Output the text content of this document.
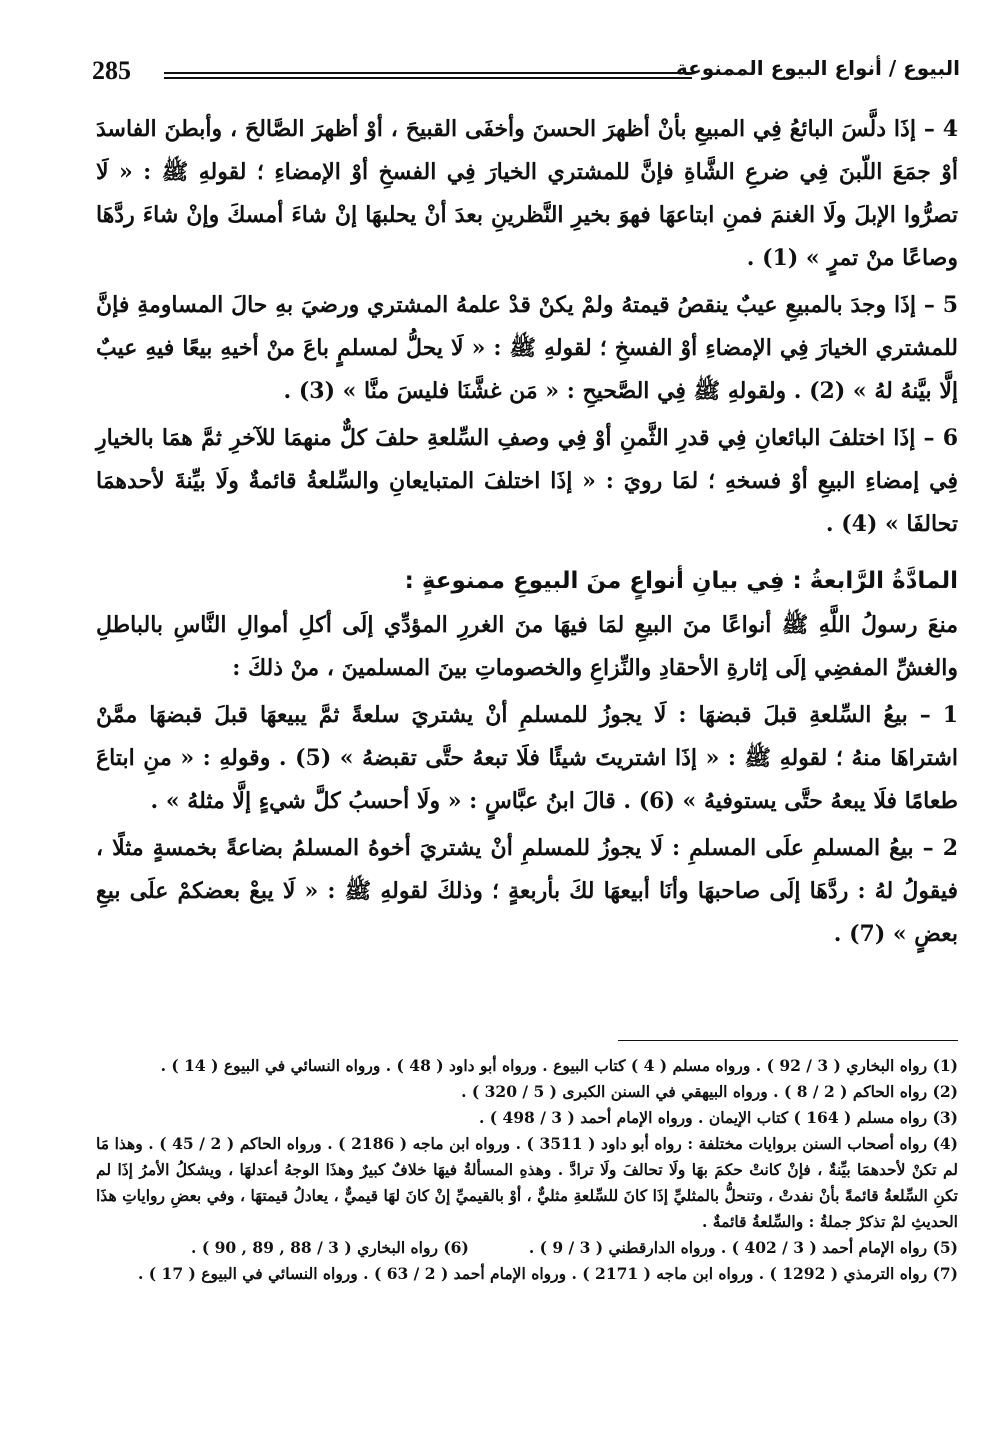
285	البيوع / أنواع البيوع الممنوعة

4 – إذَا دلَّسَ البائعُ فِي المبيعِ بأنْ أظهرَ الحسنَ وأخفَى القبيحَ ، أوْ أظهرَ الصَّالحَ ، وأبطنَ الفاسدَ أوْ جمَعَ اللّبنَ فِي ضرعِ الشَّاةِ فإنَّ للمشتري الخيارَ فِي الفسخِ أوْ الإمضاءِ ؛ لقولهِ ﷺ : « لَا تصرُّوا الإبلَ ولَا الغنمَ فمنِ ابتاعهَا فهوَ بخيرِ النَّظرينِ بعدَ أنْ يحلبهَا إنْ شاءَ أمسكَ وإنْ شاءَ ردَّهَا وصاعًا منْ تمرٍ » (1) .

5 – إذَا وجدَ بالمبيعِ عيبٌ ينقصُ قيمتهُ ولمْ يكنْ قدْ علمهُ المشتري ورضيَ بهِ حالَ المساومةِ فإنَّ للمشتري الخيارَ فِي الإمضاءِ أوْ الفسخِ ؛ لقولهِ ﷺ : « لَا يحلُّ لمسلمٍ باعَ منْ أخيهِ بيعًا فيهِ عيبٌ إلَّا بيَّنهُ لهُ » (2) . ولقولهِ ﷺ فِي الصَّحيحِ : « مَن غشَّنَا فليسَ منَّا » (3) .

6 – إذَا اختلفَ البائعانِ فِي قدرِ الثَّمنِ أوْ فِي وصفِ السِّلعةِ حلفَ كلٌّ منهمَا للآخرِ ثمَّ همَا بالخيارِ فِي إمضاءِ البيعِ أوْ فسخهِ ؛ لمَا رويَ : « إذَا اختلفَ المتبايعانِ والسِّلعةُ قائمةٌ ولَا بيِّنةَ لأحدهمَا تحالفَا » (4) .

المادَّةُ الرَّابعةُ : فِي بيانِ أنواعٍ منَ البيوعِ ممنوعةٍ :

منعَ رسولُ اللَّهِ ﷺ أنواعًا منَ البيعِ لمَا فيهَا منَ الغررِ المؤدِّي إلَى أكلِ أموالِ النَّاسِ بالباطلِ والغشِّ المفضِي إلَى إثارةِ الأحقادِ والنِّزاعِ والخصوماتِ بينَ المسلمينَ ، منْ ذلكَ :

1 – بيعُ السِّلعةِ قبلَ قبضهَا : لَا يجوزُ للمسلمِ أنْ يشتريَ سلعةً ثمَّ يبيعهَا قبلَ قبضهَا ممَّنْ اشتراهَا منهُ ؛ لقولهِ ﷺ : « إذَا اشتريتَ شيئًا فلَا تبعهُ حتَّى تقبضهُ » (5) . وقولهِ : « منِ ابتاعَ طعامًا فلَا يبعهُ حتَّى يستوفيهُ » (6) . قالَ ابنُ عبَّاسٍ : « ولَا أحسبُ كلَّ شيءٍ إلَّا مثلهُ » .

2 – بيعُ المسلمِ علَى المسلمِ : لَا يجوزُ للمسلمِ أنْ يشتريَ أخوهُ المسلمُ بضاعةً بخمسةٍ مثلًا ، فيقولُ لهُ : ردَّهَا إلَى صاحبهَا وأنَا أبيعهَا لكَ بأربعةٍ ؛ وذلكَ لقولهِ ﷺ : « لَا يبعْ بعضكمْ علَى بيعِ بعضٍ » (7) .

(1) رواه البخاري ( 3 / 92 ) . ورواه مسلم ( 4 ) كتاب البيوع . ورواه أبو داود ( 48 ) . ورواه النسائي في البيوع ( 14 ) .

(2) رواه الحاكم ( 2 / 8 ) . ورواه البيهقي في السنن الكبرى ( 5 / 320 ) .

(3) رواه مسلم ( 164 ) كتاب الإيمان . ورواه الإمام أحمد ( 3 / 498 ) .

(4) رواه أصحاب السنن بروايات مختلفة : رواه أبو داود ( 3511 ) . ورواه ابن ماجه ( 2186 ) . ورواه الحاكم ( 2 / 45 ) . وهذا مَا لم تكنْ لأحدهمَا بيِّنةٌ ، فإنْ كانتْ حكمَ بهَا ولَا تحالفَ ولَا ترادَّ . وهذهِ المسألةُ فيهَا خلافٌ كبيرٌ وهذَا الوجهُ أعدلهَا ، ويشكلُ الأمرُ إذَا لم تكنِ السِّلعةُ قائمةً بأنْ نفدتْ ، وتنحلُّ بالمثليِّ إذَا كانَ للسِّلعةِ مثليٌّ ، أوْ بالقيميِّ إنْ كانَ لهَا قيميٌّ ، يعادلُ قيمتهَا ، وفي بعضِ رواياتِ هذَا الحديثِ لمْ تذكرْ جملةُ : والسِّلعةُ قائمةٌ .

(5) رواه الإمام أحمد ( 3 / 402 ) . ورواه الدارقطني ( 3 / 9 ) .

(6) رواه البخاري ( 3 / 88 , 89 , 90 ) .

(7) رواه الترمذي ( 1292 ) . ورواه ابن ماجه ( 2171 ) . ورواه الإمام أحمد ( 2 / 63 ) . ورواه النسائي في البيوع ( 17 ) .
